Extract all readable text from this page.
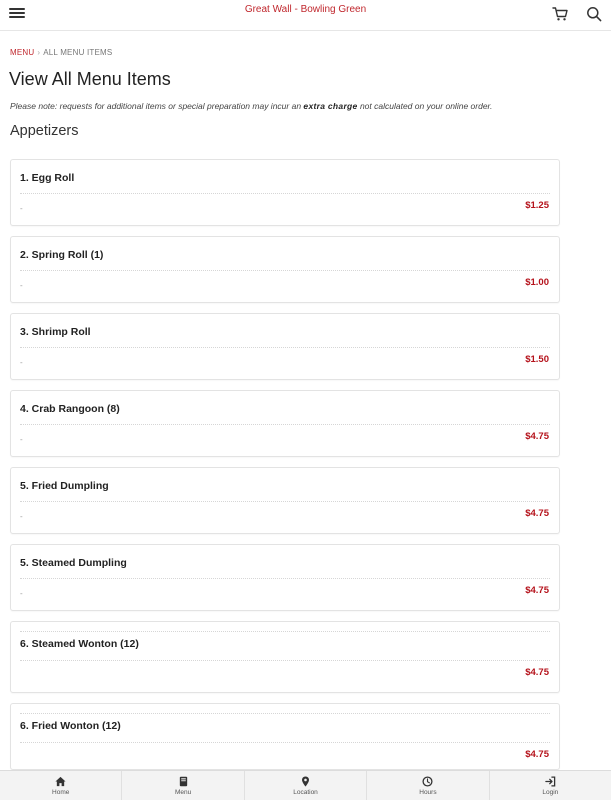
Great Wall - Bowling Green
MENU › ALL MENU ITEMS
View All Menu Items
Please note: requests for additional items or special preparation may incur an extra charge not calculated on your online order.
Appetizers
1. Egg Roll
-	$1.25
2. Spring Roll (1)
-	$1.00
3. Shrimp Roll
-	$1.50
4. Crab Rangoon (8)
-	$4.75
5. Fried Dumpling
-	$4.75
5. Steamed Dumpling
-	$4.75
6. Steamed Wonton (12)
$4.75
6. Fried Wonton (12)
$4.75
Home	Menu	Location	Hours	Login
